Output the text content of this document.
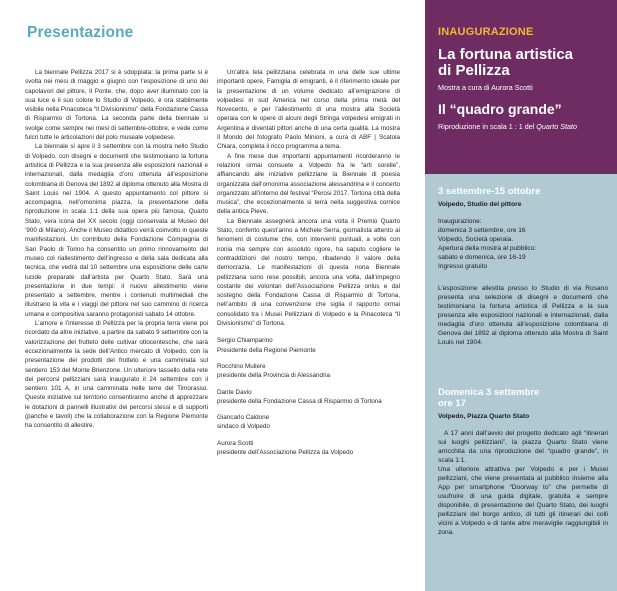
Presentazione

La biennale Pellizza 2017 si è sdoppiata: la prima parte si è svolta nei mesi di maggio e giugno con l’esposizione di uno dei capolavori del pittore, Il Ponte, che, dopo aver illuminato con la sua luce e il suo colore lo Studio di Volpedo, è ora stabilmente visibile nella Pinacoteca “Il Divisionismo” della Fondazione Cassa di Risparmio di Tortona. La seconda parte della biennale si svolge come sempre nei mesi di settembre-ottobre, e vede come fulcri tutte le articolazioni del polo museale volpedese.

La biennale si apre il 3 settembre con la mostra nello Studio di Volpedo, con disegni e documenti che testimoniano la fortuna artistica di Pellizza e la sua presenza alle esposizioni nazionali e internazionali, dalla medaglia d’oro ottenuta all’esposizione colombiana di Genova del 1892 al diploma ottenuto alla Mostra di Saint Louis nel 1904. A questo appuntamento col pittore si accompagna, nell’omonima piazza, la presentazione della riproduzione in scala 1:1 della sua opera più famosa, Quarto Stato, vera icona del XX secolo (oggi conservata al Museo del ’900 di Milano). Anche il Museo didattico verrà coinvolto in queste manifestazioni. Un contributo della Fondazione Compagnia di San Paolo di Torino ha consentito un primo rinnovamento del museo col riallestimento dell’ingresso e della sala dedicata alla tecnica, che vedrà dal 10 settembre una esposizione delle carte lucide preparate dall’artista per Quarto Stato. Sarà una presentazione in due tempi: il nuovo allestimento viene presentato a settembre, mentre i contenuti multimediali che illustrano la vita e i viaggi del pittore nel suo cammino di ricerca umana e compositiva saranno protagonisti sabato 14 ottobre.

L’amore e l’interesse di Pellizza per la propria terra viene poi ricordato da altre iniziative, a partire da sabato 9 settembre con la valorizzazione del frutteto delle cultivar ottocentesche, che sarà eccezionalmente la sede dell’Antico mercato di Volpedo, con la presentazione dei prodotti del frutteto e una camminata sul sentiero 153 del Monte Brienzone. Un ulteriore tassello della rete dei percorsi pellizziani sarà inaugurato il 24 settembre con il sentiero 101 A, in una camminata nelle terre del Timorasso. Queste iniziative sul territorio consentiranno anche di apprezzare le dotazioni di pannelli illustrativi dei percorsi stessi e di supporti (panche e tavoli) che la collaborazione con la Regione Piemonte ha consentito di allestire.

Un’altra tela pellizziana celebrata in una delle sue ultime importanti opere, Famiglia di emigranti, è il riferimento ideale per la presentazione di un volume dedicato all’emigrazione di volpedesi in sud America nel corso della prima metà del Novecento, e per l’allestimento di una mostra alla Società operaia con le opere di alcuni degli Stringa volpedesi emigrati in Argentina e diventati pittori anche di una certa qualità. La mostra Il Mondo del fotografo Paolo Minioni, a cura di ABF | Scatola Chiara, completa il ricco programma a tema.

A fine mese due importanti appuntamenti ricorderanno le relazioni ormai consuete a Volpedo fra le “arti sorelle”, affiancando alle iniziative pellizziane la Biennale di poesia organizzata dall’omonima associazione alessandrina e il concerto organizzato all’interno del festival “Perosi 2017. Tortona città della musica”, che eccezionalmente si terrà nella suggestiva cornice della antica Pieve.

La Biennale assegnerà ancora una volta il Premio Quarto Stato, conferito quest’anno a Michele Serra, giornalista attento ai fenomeni di costume che, con interventi puntuali, a volte con ironia ma sempre con assoluto rigore, ha saputo cogliere le contraddizioni del nostro tempo, ribadendo il valore della democrazia. Le manifestazioni di questa nona Biennale pellizziana sono rese possibili, ancora una volta, dall’impegno costante dei volontari dell’Associazione Pellizza onlus e dal sostegno della Fondazione Cassa di Risparmio di Tortona, nell’ambito di una convenzione che siglia il rapporto ormai consolidato tra i Musei Pellizziani di Volpedo e la Pinacoteca “Il Divisionismo” di Tortona.

Sergio Chiamparino
Presidente della Regione Piemonte
Rocchino Muliere
presidente della Provincia di Alessandria
Dante Davio
presidente della Fondazione Cassa di Risparmio di Tortona
Giancarlo Caldone
sindaco di Volpedo
Aurora Scotti
presidente dell’Associazione Pellizza da Volpedo
INAUGURAZIONE
La fortuna artistica
di Pellizza
Mostra a cura di Aurora Scotti
Il “quadro grande”
Riproduzione in scala 1 : 1 del Quarto Stato
3 settembre-15 ottobre
Volpedo, Studio del pittore

Inaugurazione:

domenica 3 settembre, ore 16

Volpedo, Società operaia.

Apertura della mostra al pubblico:

sabato e domenica, ore 16-19

Ingresso gratuito

L’esposizione allestita presso lo Studio di via Rosano presenta una selezione di disegni e documenti che testimoniano la fortuna artistica di Pellizza e la sua presenza alle esposizioni nazionali e internazionali, dalla medaglia d’oro ottenuta all’esposizione colombiana di Genova del 1892 al diploma ottenuto alla Mostra di Saint Louis nel 1904.

Domenica 3 settembre
ore 17
Volpedo, Piazza Quarto Stato

A 17 anni dall’avvio del progetto dedicato agli “itinerari sui luoghi pellizziani”, la piazza Quarto Stato viene arricchita da una riproduzione del “quadro grande”, in scala 1:1.

Una ulteriore attrattiva per Volpedo e per i Musei pellizziani, che viene presentata al pubblico insieme alla App per smartphone “Doorway to” che permette di usufruire di una guida digitale, gratuita e sempre disponibile, di presentazione del Quarto Stato, dei luoghi pellizziani del borgo antico, di tutti gli itinerari dei colli vicini a Volpedo e di tante altre meraviglie raggiungibili in zona.
